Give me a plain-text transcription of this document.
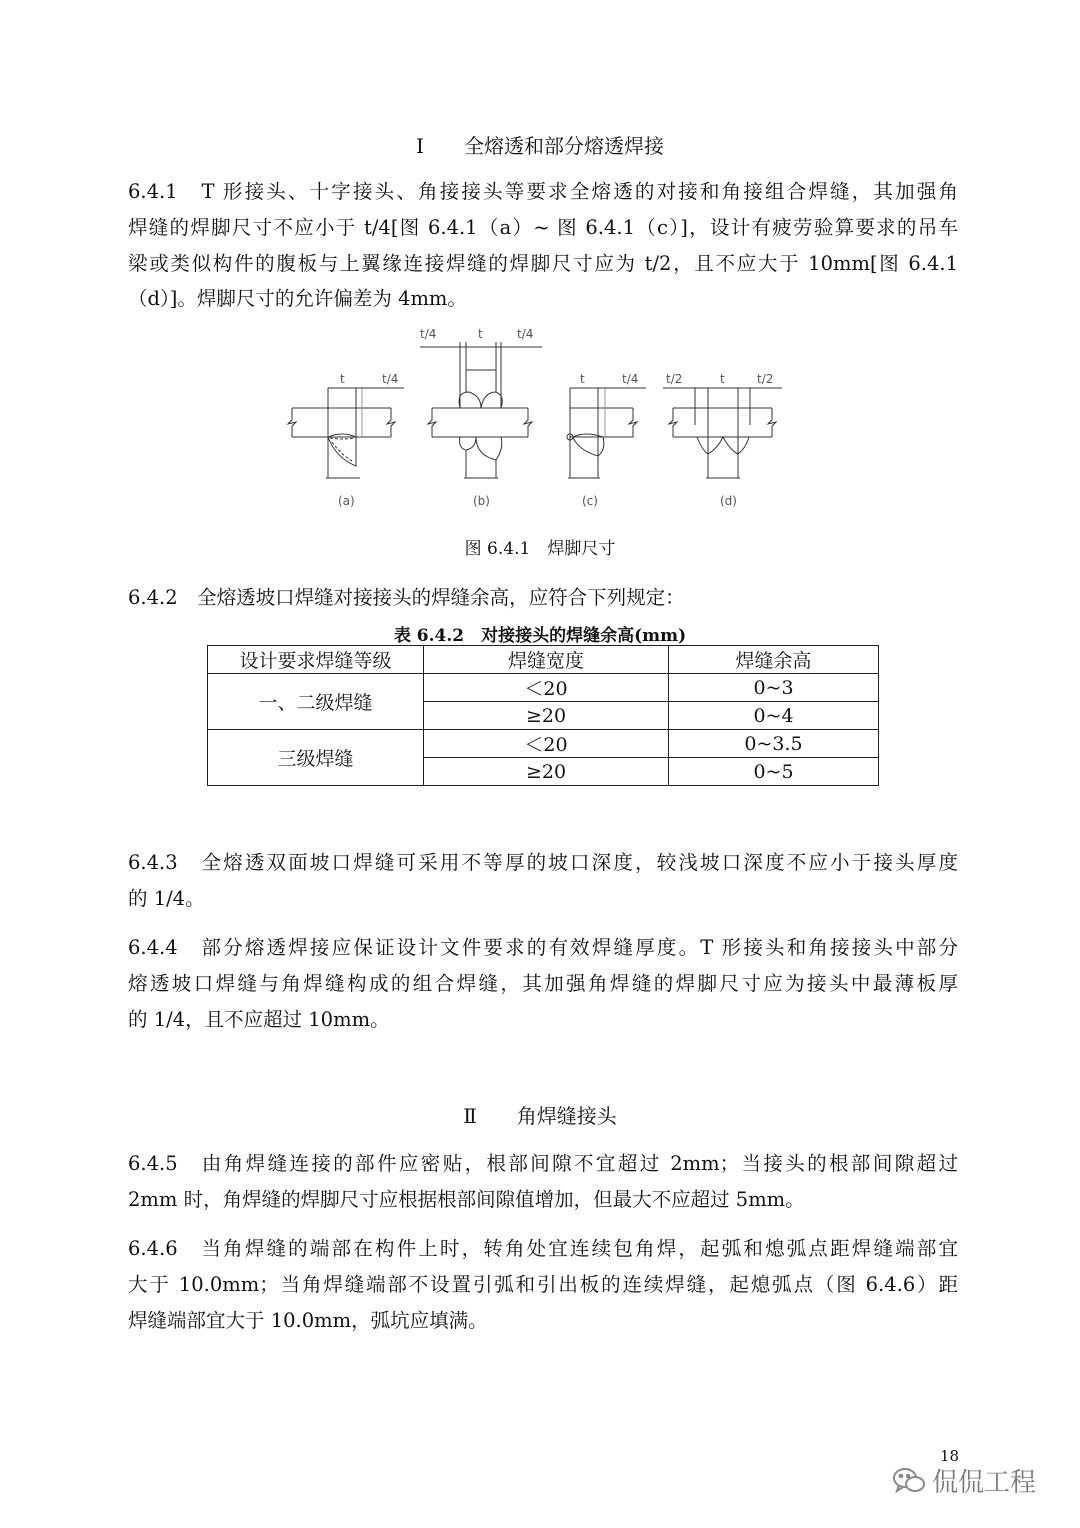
Ⅰ　　 全熔透和部分熔透焊接
6.4.1　T 形接头、十字接头、角接接头等要求全熔透的对接和角接组合焊缝，其加强角
焊缝的焊脚尺寸不应小于 t/4[图 6.4.1（a）~ 图 6.4.1（c）]，设计有疲劳验算要求的吊车
梁或类似构件的腹板与上翼缘连接焊缝的焊脚尺寸应为 t/2，且不应大于 10mm[图 6.4.1
（d）]。焊脚尺寸的允许偏差为 4mm。
t	t/4
t/4	t	t/4
t	t/4 t/2	t	t/2
(a)	(b)	(c)	(d)
图 6.4.1　焊脚尺寸
6.4.2　全熔透坡口焊缝对接接头的焊缝余高，应符合下列规定：
表 6.4.2　对接接头的焊缝余高(mm)
设计要求焊缝等级	焊缝宽度	焊缝余高
一、二级焊缝	＜20	0~3
	≥20	0~4
三级焊缝	＜20	0~3.5
	≥20	0~5
6.4.3　全熔透双面坡口焊缝可采用不等厚的坡口深度，较浅坡口深度不应小于接头厚度
的 1/4。
6.4.4　部分熔透焊接应保证设计文件要求的有效焊缝厚度。T 形接头和角接接头中部分
熔透坡口焊缝与角焊缝构成的组合焊缝，其加强角焊缝的焊脚尺寸应为接头中最薄板厚
的 1/4，且不应超过 10mm。
Ⅱ　　 角焊缝接头
6.4.5　由角焊缝连接的部件应密贴，根部间隙不宜超过 2mm；当接头的根部间隙超过
2mm 时，角焊缝的焊脚尺寸应根据根部间隙值增加，但最大不应超过 5mm。
6.4.6　当角焊缝的端部在构件上时，转角处宜连续包角焊，起弧和熄弧点距焊缝端部宜
大于 10.0mm；当角焊缝端部不设置引弧和引出板的连续焊缝，起熄弧点（图 6.4.6）距
焊缝端部宜大于 10.0mm，弧坑应填满。
18
侃侃工程
